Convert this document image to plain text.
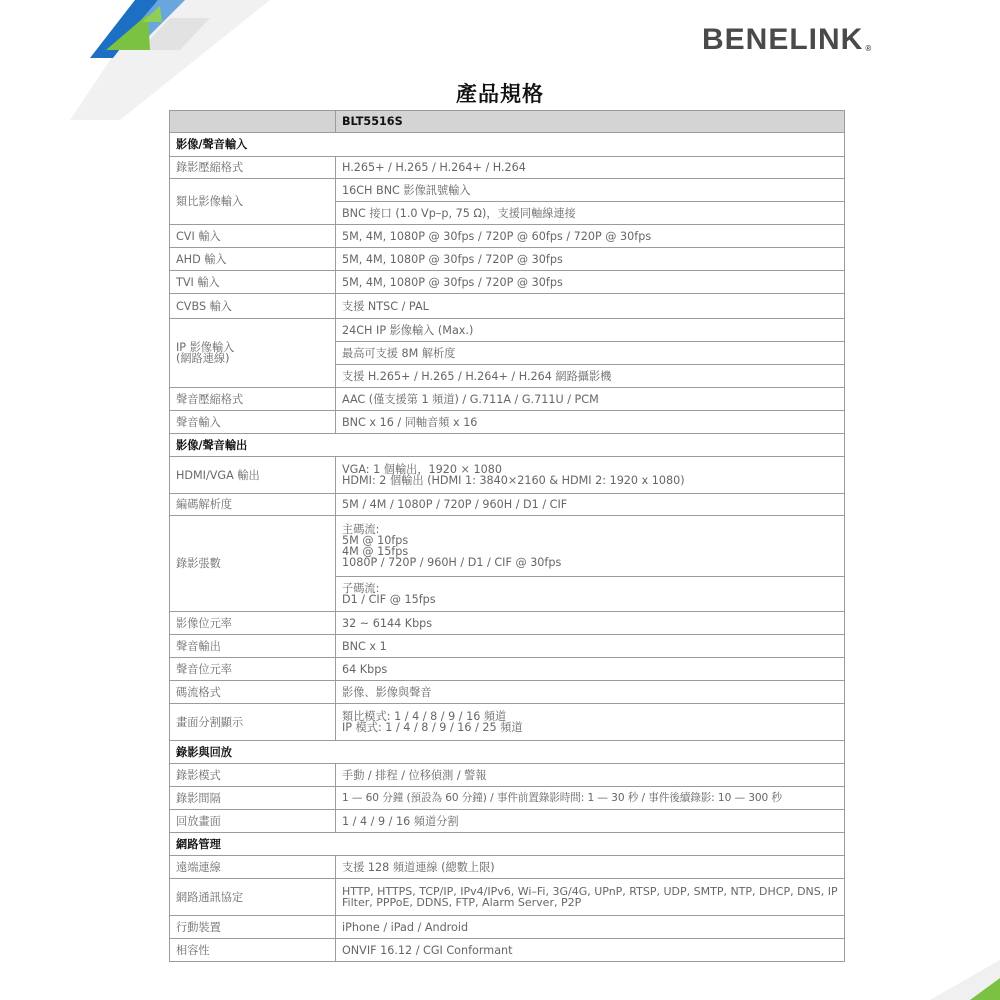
BENELINK ®
產品規格
	BLT5516S
影像/聲音輸入	
錄影壓縮格式	H.265+ / H.265 / H.264+ / H.264
類比影像輸入	16CH BNC 影像訊號輸入
	BNC 接口 (1.0 Vp–p, 75 Ω)，支援同軸線連接
CVI 輸入	5M, 4M, 1080P @ 30fps / 720P @ 60fps / 720P @ 30fps
AHD 輸入	5M, 4M, 1080P @ 30fps / 720P @ 30fps
TVI 輸入	5M, 4M, 1080P @ 30fps / 720P @ 30fps
CVBS 輸入	支援 NTSC / PAL

IP 影像輸入
(網路連線)	24CH IP 影像輸入 (Max.)
	最高可支援 8M 解析度
	支援 H.265+ / H.265 / H.264+ / H.264 網路攝影機
聲音壓縮格式	AAC (僅支援第 1 頻道) / G.711A / G.711U / PCM
聲音輸入	BNC x 16 / 同軸音頻 x 16
影像/聲音輸出	
HDMI/VGA 輸出	VGA: 1 個輸出，1920 × 1080
HDMI: 2 個輸出 (HDMI 1: 3840×2160 & HDMI 2: 1920 x 1080)

編碼解析度	5M / 4M / 1080P / 720P / 960H / D1 / CIF
錄影張數	主碼流:
5M @ 10fps
4M @ 15fps
1080P / 720P / 960H / D1 / CIF @ 30fps

	子碼流:
D1 / CIF @ 15fps

影像位元率	32 ~ 6144 Kbps
聲音輸出	BNC x 1
聲音位元率	64 Kbps
碼流格式	影像、影像與聲音
畫面分割顯示	類比模式: 1 / 4 / 8 / 9 / 16 頻道
IP 模式: 1 / 4 / 8 / 9 / 16 / 25 頻道

錄影與回放	
錄影模式	手動 / 排程 / 位移偵測 / 警報
錄影間隔	1 — 60 分鐘 (預設為 60 分鐘) / 事件前置錄影時間: 1 — 30 秒 / 事件後續錄影: 10 — 300 秒
回放畫面	1 / 4 / 9 / 16 頻道分割
網路管理	
遠端連線	支援 128 頻道連線 (總數上限)
網路通訊協定	HTTP, HTTPS, TCP/IP, IPv4/IPv6, Wi–Fi, 3G/4G, UPnP, RTSP, UDP, SMTP, NTP, DHCP, DNS, IP Filter, PPPoE, DDNS, FTP, Alarm Server, P2P
行動裝置	iPhone / iPad / Android
相容性	ONVIF 16.12 / CGI Conformant
